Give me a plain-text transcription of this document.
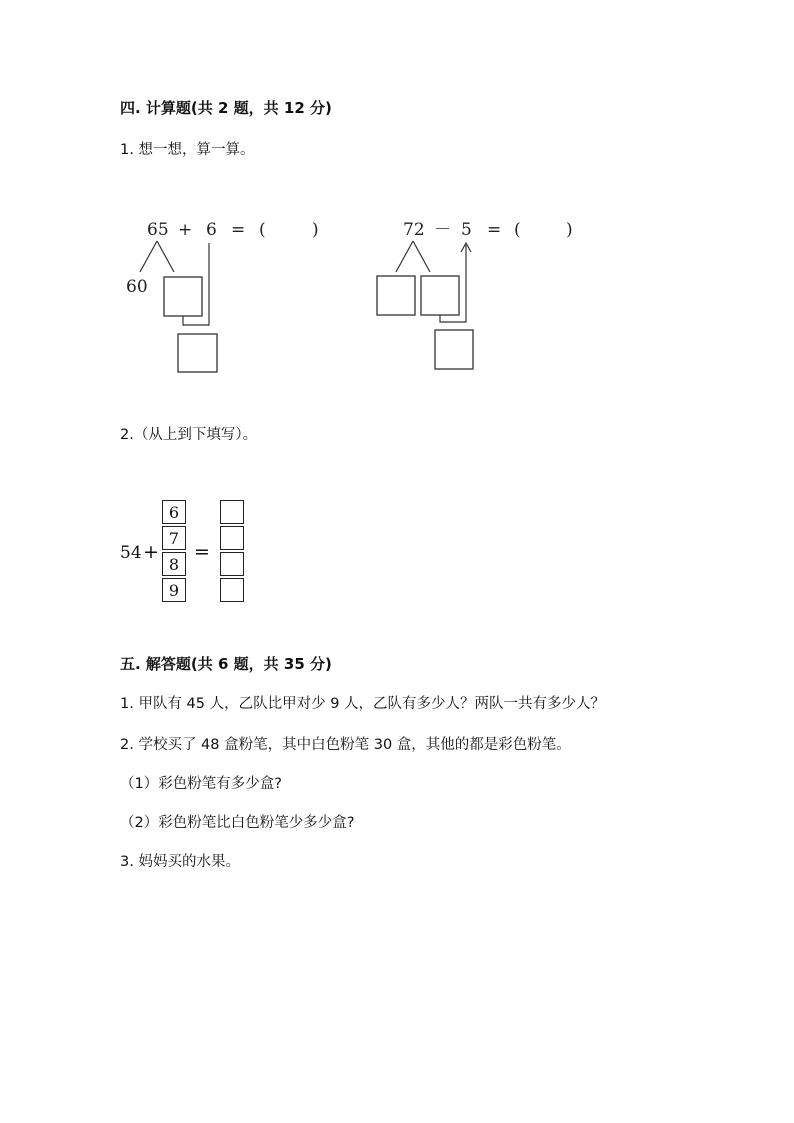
四. 计算题(共 2 题，共 12 分)
1. 想一想，算一算。
65 + 6 = (	)
60
72 － 5 = (	)
2.（从上到下填写）。
54 +
6
7
8
9
=
五. 解答题(共 6 题，共 35 分)
1. 甲队有 45 人，乙队比甲对少 9 人，乙队有多少人？两队一共有多少人？
2. 学校买了 48 盒粉笔，其中白色粉笔 30 盒，其他的都是彩色粉笔。
（1）彩色粉笔有多少盒?
（2）彩色粉笔比白色粉笔少多少盒?
3. 妈妈买的水果。
